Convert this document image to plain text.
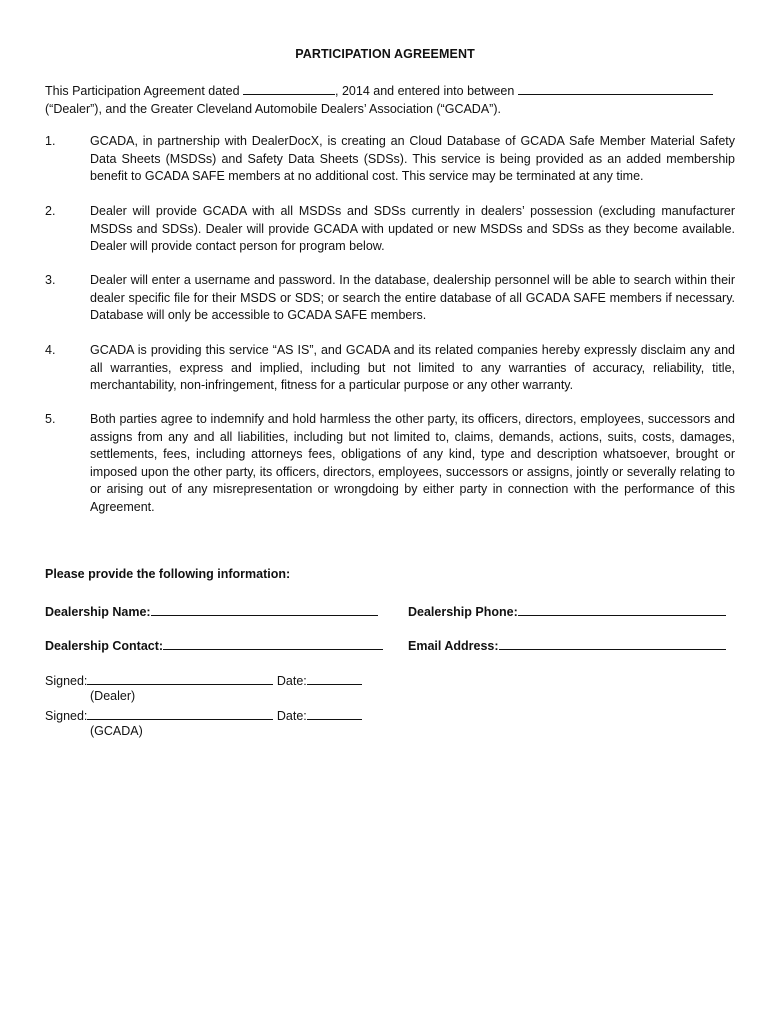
PARTICIPATION AGREEMENT
This Participation Agreement dated	, 2014 and entered into between
(“Dealer”), and the Greater Cleveland Automobile Dealers’ Association (“GCADA”).
1.	GCADA, in partnership with DealerDocX, is creating an Cloud Database of GCADA Safe Member Material Safety Data Sheets (MSDSs) and Safety Data Sheets (SDSs). This service is being provided as an added membership benefit to GCADA SAFE members at no additional cost. This service may be terminated at any time.
2.	Dealer will provide GCADA with all MSDSs and SDSs currently in dealers’ possession (excluding manufacturer MSDSs and SDSs). Dealer will provide GCADA with updated or new MSDSs and SDSs as they become available. Dealer will provide contact person for program below.
3.	Dealer will enter a username and password. In the database, dealership personnel will be able to search within their dealer specific file for their MSDS or SDS; or search the entire database of all GCADA SAFE members if necessary. Database will only be accessible to GCADA SAFE members.
4.	GCADA is providing this service “AS IS”, and GCADA and its related companies hereby expressly disclaim any and all warranties, express and implied, including but not limited to any warranties of accuracy, reliability, title, merchantability, non-infringement, fitness for a particular purpose or any other warranty.
5.	Both parties agree to indemnify and hold harmless the other party, its officers, directors, employees, successors and assigns from any and all liabilities, including but not limited to, claims, demands, actions, suits, costs, damages, settlements, fees, including attorneys fees, obligations of any kind, type and description whatsoever, brought or imposed upon the other party, its officers, directors, employees, successors or assigns, jointly or severally relating to or arising out of any misrepresentation or wrongdoing by either party in connection with the performance of this Agreement.
Please provide the following information:
Dealership Name:	Dealership Phone:
Dealership Contact:	Email Address:
Signed:	Date:
(Dealer)
Signed:	Date:
(GCADA)
